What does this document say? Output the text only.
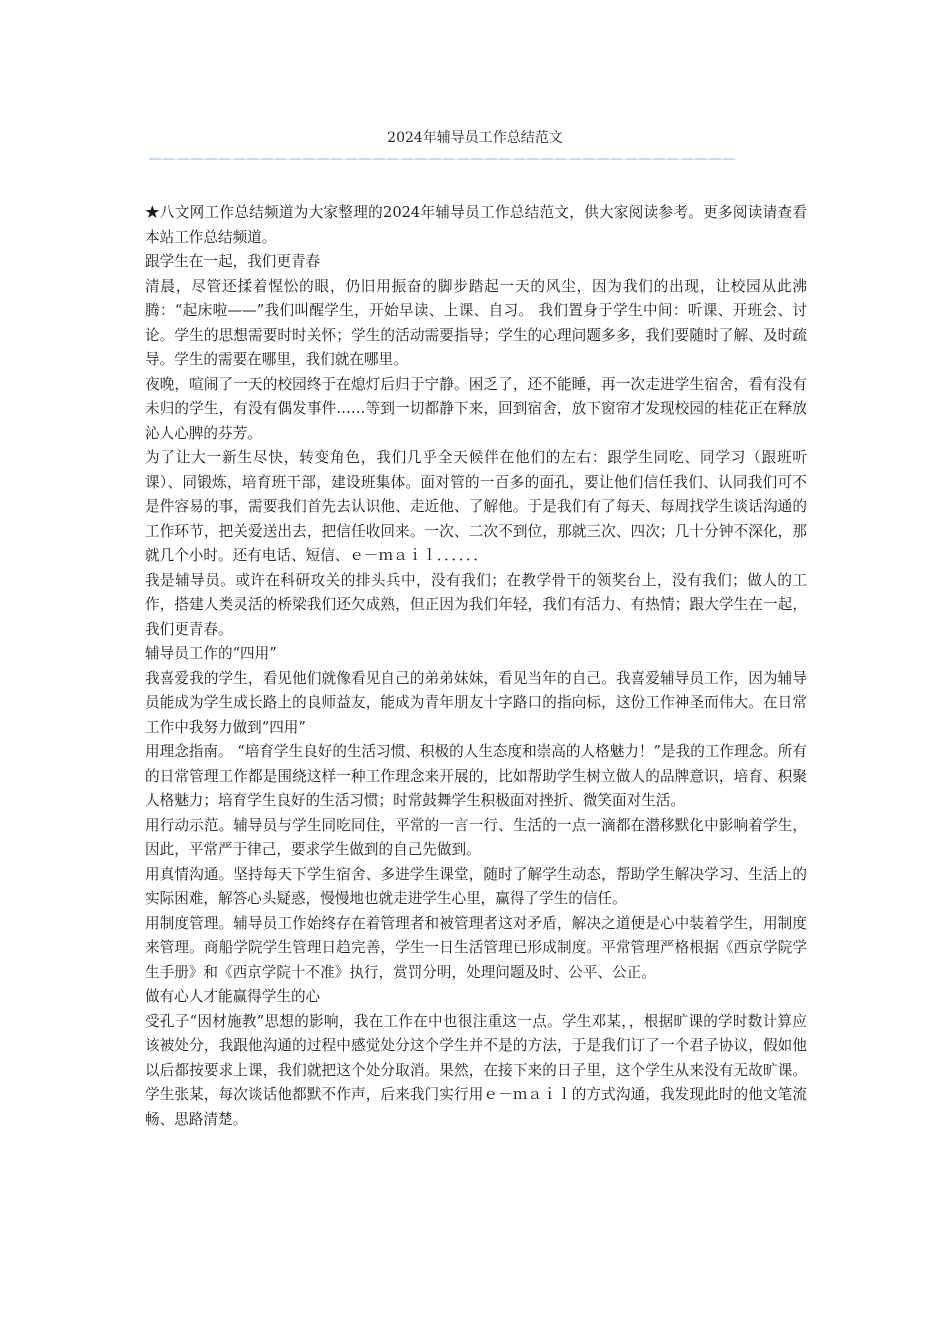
2024年辅导员工作总结范文
——————————————————————————————————————————

★八文网工作总结频道为大家整理的2024年辅导员工作总结范文，供大家阅读参考。更多阅读请查看本站工作总结频道。

跟学生在一起，我们更青春

清晨，尽管还揉着惺忪的眼，仍旧用振奋的脚步踏起一天的风尘，因为我们的出现，让校园从此沸腾：“起床啦——”我们叫醒学生，开始早读、上课、自习。 我们置身于学生中间：听课、开班会、讨论。学生的思想需要时时关怀；学生的活动需要指导；学生的心理问题多多，我们要随时了解、及时疏导。学生的需要在哪里，我们就在哪里。

夜晚，喧闹了一天的校园终于在熄灯后归于宁静。困乏了，还不能睡，再一次走进学生宿舍，看有没有未归的学生，有没有偶发事件……等到一切都静下来，回到宿舍，放下窗帘才发现校园的桂花正在释放沁人心脾的芬芳。

为了让大一新生尽快，转变角色，我们几乎全天候伴在他们的左右：跟学生同吃、同学习（跟班听课）、同锻炼，培育班干部，建设班集体。面对管的一百多的面孔，要让他们信任我们、认同我们可不是件容易的事，需要我们首先去认识他、走近他、了解他。于是我们有了每天、每周找学生谈话沟通的工作环节，把关爱送出去，把信任收回来。一次、二次不到位，那就三次、四次；几十分钟不深化，那就几个小时。还有电话、短信、ｅ－ｍａｉｌ．．．．．．

我是辅导员。或许在科研攻关的排头兵中，没有我们；在教学骨干的领奖台上，没有我们；做人的工作，搭建人类灵活的桥梁我们还欠成熟，但正因为我们年轻，我们有活力、有热情；跟大学生在一起，我们更青春。

辅导员工作的“四用”

我喜爱我的学生，看见他们就像看见自己的弟弟妹妹，看见当年的自己。我喜爱辅导员工作，因为辅导员能成为学生成长路上的良师益友，能成为青年朋友十字路口的指向标，这份工作神圣而伟大。在日常工作中我努力做到“四用”

用理念指南。 “培育学生良好的生活习惯、积极的人生态度和崇高的人格魅力！”是我的工作理念。所有的日常管理工作都是围绕这样一种工作理念来开展的，比如帮助学生树立做人的品牌意识，培育、积聚人格魅力；培育学生良好的生活习惯；时常鼓舞学生积极面对挫折、微笑面对生活。

用行动示范。辅导员与学生同吃同住，平常的一言一行、生活的一点一滴都在潜移默化中影响着学生，因此，平常严于律己，要求学生做到的自己先做到。

用真情沟通。坚持每天下学生宿舍、多进学生课堂，随时了解学生动态，帮助学生解决学习、生活上的实际困难，解答心头疑惑，慢慢地也就走进学生心里，赢得了学生的信任。

用制度管理。辅导员工作始终存在着管理者和被管理者这对矛盾，解决之道便是心中装着学生，用制度来管理。商船学院学生管理日趋完善，学生一日生活管理已形成制度。平常管理严格根据《西京学院学生手册》和《西京学院十不准》执行，赏罚分明，处理问题及时、公平、公正。

做有心人才能赢得学生的心

受孔子“因材施教”思想的影响，我在工作在中也很注重这一点。学生邓某，，根据旷课的学时数计算应该被处分，我跟他沟通的过程中感觉处分这个学生并不是的方法，于是我们订了一个君子协议，假如他以后都按要求上课，我们就把这个处分取消。果然，在接下来的日子里，这个学生从来没有无故旷课。学生张某，每次谈话他都默不作声，后来我门实行用ｅ－ｍａｉｌ的方式沟通，我发现此时的他文笔流畅、思路清楚。
